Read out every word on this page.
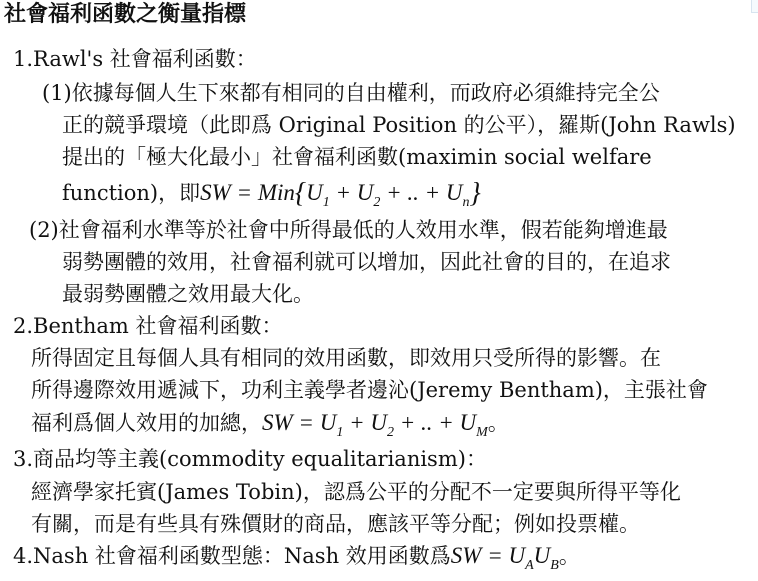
社會福利函數之衡量指標
1.Rawl's 社會福利函數：
(1)依據每個人生下來都有相同的自由權利，而政府必須維持完全公
正的競爭環境（此即爲 Original Position 的公平），羅斯(John Rawls)
提出的「極大化最小」社會福利函數(maximin social welfare
function)，即SW = $Min\{U_1 + U_2$ + .. + $U_n$}
(2)社會福利水準等於社會中所得最低的人效用水準，假若能夠增進最
弱勢團體的效用，社會福利就可以增加，因此社會的目的，在追求
最弱勢團體之效用最大化。
2.Bentham 社會福利函數：
所得固定且每個人具有相同的效用函數，即效用只受所得的影響。在
所得邊際效用遞減下，功利主義學者邊沁(Jeremy Bentham)，主張社會
福利爲個人效用的加總，SW = $U_1 + U_2$ + .. + $U_M$。
3.商品均等主義(commodity equalitarianism)：
經濟學家托賓(James Tobin)，認爲公平的分配不一定要與所得平等化
有關，而是有些具有殊價財的商品，應該平等分配；例如投票權。
4.Nash 社會福利函數型態：Nash 效用函數爲SW = $U_AU_B$。
